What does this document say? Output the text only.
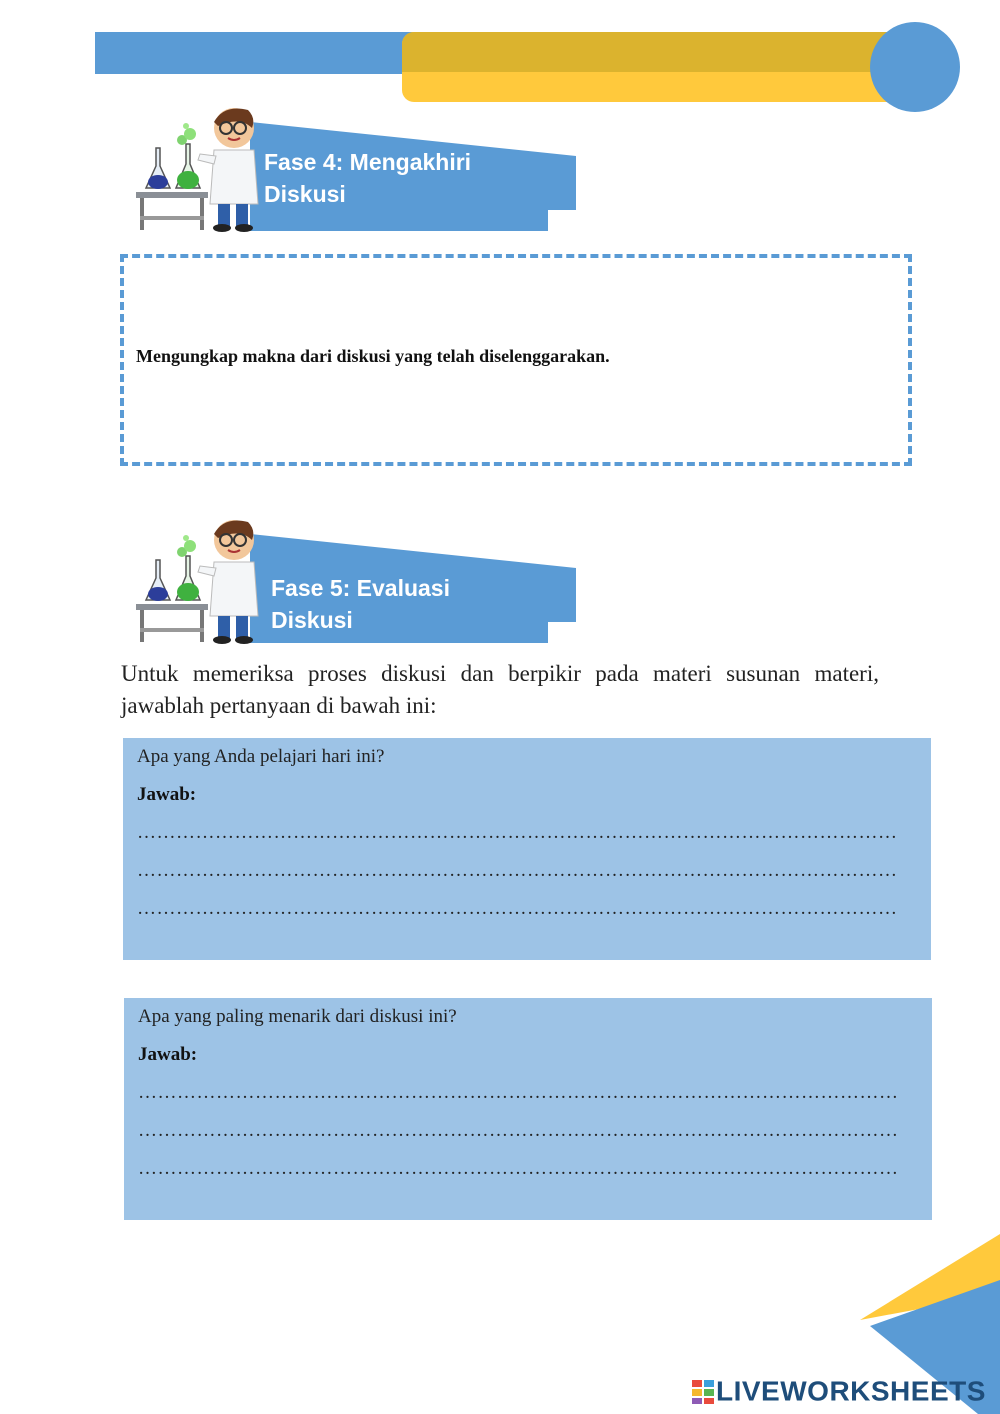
Fase 4: Mengakhiri
Diskusi
Mengungkap makna dari diskusi yang telah diselenggarakan.
Fase 5: Evaluasi
Diskusi
Untuk memeriksa proses diskusi dan berpikir pada materi susunan materi, jawablah pertanyaan di bawah ini:
Apa yang Anda pelajari hari ini?
Jawab:
………………………………………………………………………………………………………
………………………………………………………………………………………………………
………………………………………………………………………………………………………
Apa yang paling menarik dari diskusi ini?
Jawab:
………………………………………………………………………………………………………
………………………………………………………………………………………………………
………………………………………………………………………………………………………
LIVEWORKSHEETS
